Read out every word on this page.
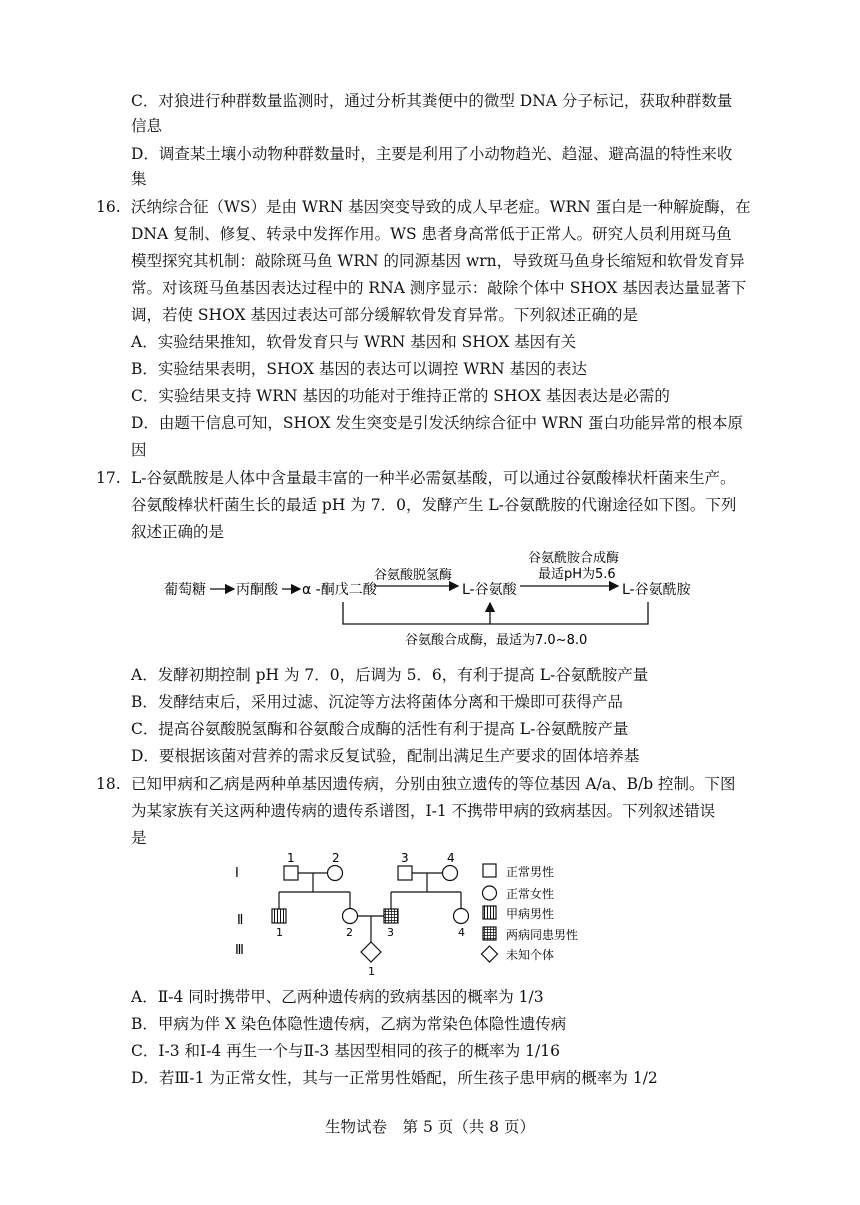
C．对狼进行种群数量监测时，通过分析其粪便中的微型 DNA 分子标记，获取种群数量
信息
D．调查某土壤小动物种群数量时，主要是利用了小动物趋光、趋湿、避高温的特性来收
集
16. 沃纳综合征（WS）是由 WRN 基因突变导致的成人早老症。WRN 蛋白是一种解旋酶，在
DNA 复制、修复、转录中发挥作用。WS 患者身高常低于正常人。研究人员利用斑马鱼
模型探究其机制：敲除斑马鱼 WRN 的同源基因 wrn，导致斑马鱼身长缩短和软骨发育异
常。对该斑马鱼基因表达过程中的 RNA 测序显示：敲除个体中 SHOX 基因表达量显著下
调，若使 SHOX 基因过表达可部分缓解软骨发育异常。下列叙述正确的是
A．实验结果推知，软骨发育只与 WRN 基因和 SHOX 基因有关
B．实验结果表明，SHOX 基因的表达可以调控 WRN 基因的表达
C．实验结果支持 WRN 基因的功能对于维持正常的 SHOX 基因表达是必需的
D．由题干信息可知，SHOX 发生突变是引发沃纳综合征中 WRN 蛋白功能异常的根本原
因
17. L-谷氨酰胺是人体中含量最丰富的一种半必需氨基酸，可以通过谷氨酸棒状杆菌来生产。
谷氨酸棒状杆菌生长的最适 pH 为 7．0，发酵产生 L-谷氨酰胺的代谢途径如下图。下列
叙述正确的是
葡萄糖 丙酮酸 α -酮戊二酸
谷氨酸脱氢酶
L-谷氨酸
谷氨酰胺合成酶
最适pH为5.6
L-谷氨酰胺
谷氨酸合成酶，最适为7.0~8.0
A．发酵初期控制 pH 为 7．0，后调为 5．6，有利于提高 L-谷氨酰胺产量
B．发酵结束后，采用过滤、沉淀等方法将菌体分离和干燥即可获得产品
C．提高谷氨酸脱氢酶和谷氨酸合成酶的活性有利于提高 L-谷氨酰胺产量
D．要根据该菌对营养的需求反复试验，配制出满足生产要求的固体培养基
18. 已知甲病和乙病是两种单基因遗传病，分别由独立遗传的等位基因 A/a、B/b 控制。下图
为某家族有关这两种遗传病的遗传系谱图，Ⅰ-1 不携带甲病的致病基因。下列叙述错误
是
I
Ⅱ
Ⅲ
1	2	3	4
1	2	3	4
1
正常男性
正常女性
甲病男性
两病同患男性
未知个体
A．Ⅱ-4 同时携带甲、乙两种遗传病的致病基因的概率为 1/3
B．甲病为伴 X 染色体隐性遗传病，乙病为常染色体隐性遗传病
C．Ⅰ-3 和Ⅰ-4 再生一个与Ⅱ-3 基因型相同的孩子的概率为 1/16
D．若Ⅲ-1 为正常女性，其与一正常男性婚配，所生孩子患甲病的概率为 1/2
生物试卷　第 5 页（共 8 页）
